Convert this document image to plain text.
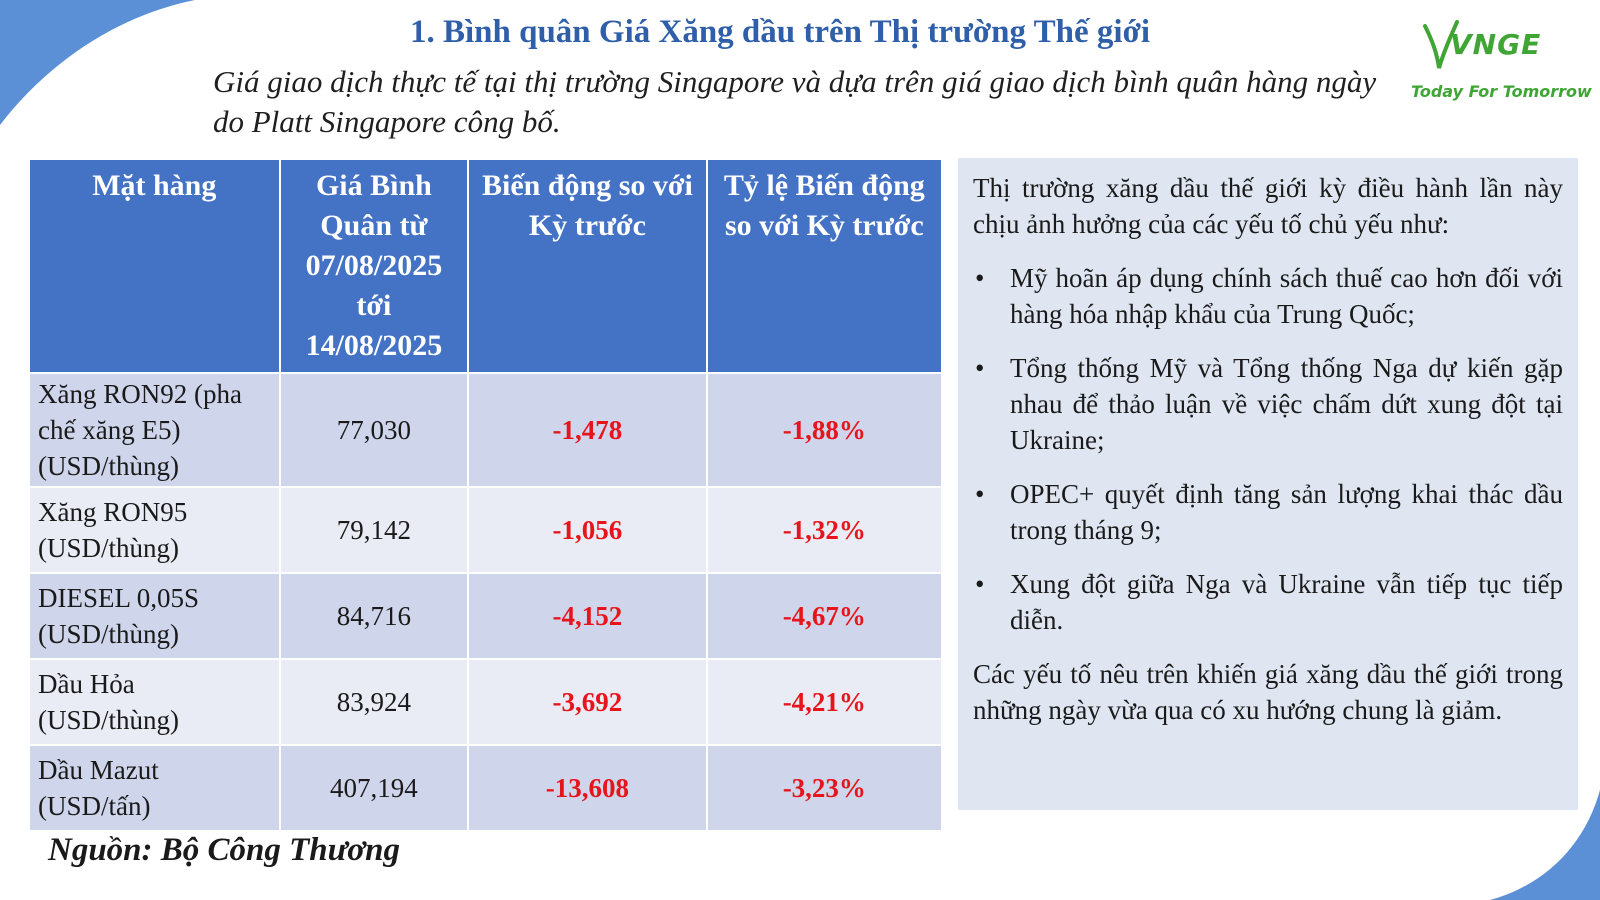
1. Bình quân Giá Xăng dầu trên Thị trường Thế giới
Giá giao dịch thực tế tại thị trường Singapore và dựa trên giá giao dịch bình quân hàng ngày do Platt Singapore công bố.
VNGE
Today For Tomorrow
Mặt hàng	Giá Bình Quân từ 07/08/2025 tới 14/08/2025	Biến động so với Kỳ trước	Tỷ lệ Biến động so với Kỳ trước
Xăng RON92 (pha chế xăng E5) (USD/thùng)	77,030	-1,478	-1,88%
Xăng RON95 (USD/thùng)	79,142	-1,056	-1,32%
DIESEL 0,05S (USD/thùng)	84,716	-4,152	-4,67%
Dầu Hỏa (USD/thùng)	83,924	-3,692	-4,21%
Dầu Mazut (USD/tấn)	407,194	-13,608	-3,23%
Nguồn: Bộ Công Thương

Thị trường xăng dầu thế giới kỳ điều hành lần này chịu ảnh hưởng của các yếu tố chủ yếu như:

• Mỹ hoãn áp dụng chính sách thuế cao hơn đối với hàng hóa nhập khẩu của Trung Quốc;
• Tổng thống Mỹ và Tổng thống Nga dự kiến gặp nhau để thảo luận về việc chấm dứt xung đột tại Ukraine;
• OPEC+ quyết định tăng sản lượng khai thác dầu trong tháng 9;
• Xung đột giữa Nga và Ukraine vẫn tiếp tục tiếp diễn.

Các yếu tố nêu trên khiến giá xăng dầu thế giới trong những ngày vừa qua có xu hướng chung là giảm.
